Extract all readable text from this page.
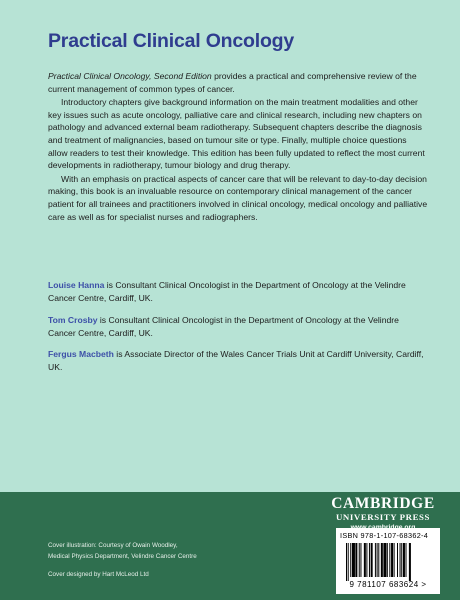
Practical Clinical Oncology

Practical Clinical Oncology, Second Edition provides a practical and comprehensive review of the current management of common types of cancer.

Introductory chapters give background information on the main treatment modalities and other key issues such as acute oncology, palliative care and clinical research, including new chapters on pathology and advanced external beam radiotherapy. Subsequent chapters describe the diagnosis and treatment of malignancies, based on tumour site or type. Finally, multiple choice questions allow readers to test their knowledge. This edition has been fully updated to reflect the most current developments in radiotherapy, tumour biology and drug therapy.

With an emphasis on practical aspects of cancer care that will be relevant to day-to-day decision making, this book is an invaluable resource on contemporary clinical management of the cancer patient for all trainees and practitioners involved in clinical oncology, medical oncology and palliative care as well as for specialist nurses and radiographers.

Louise Hanna is Consultant Clinical Oncologist in the Department of Oncology at the Velindre Cancer Centre, Cardiff, UK.
Tom Crosby is Consultant Clinical Oncologist in the Department of Oncology at the Velindre Cancer Centre, Cardiff, UK.
Fergus Macbeth is Associate Director of the Wales Cancer Trials Unit at Cardiff University, Cardiff, UK.
Cover illustration: Courtesy of Owain Woodley,
Medical Physics Department, Velindre Cancer Centre
Cover designed by Hart McLeod Ltd
CAMBRIDGE
UNIVERSITY PRESS
ISBN 978-1-107-68362-4
9 781107 683624 >
